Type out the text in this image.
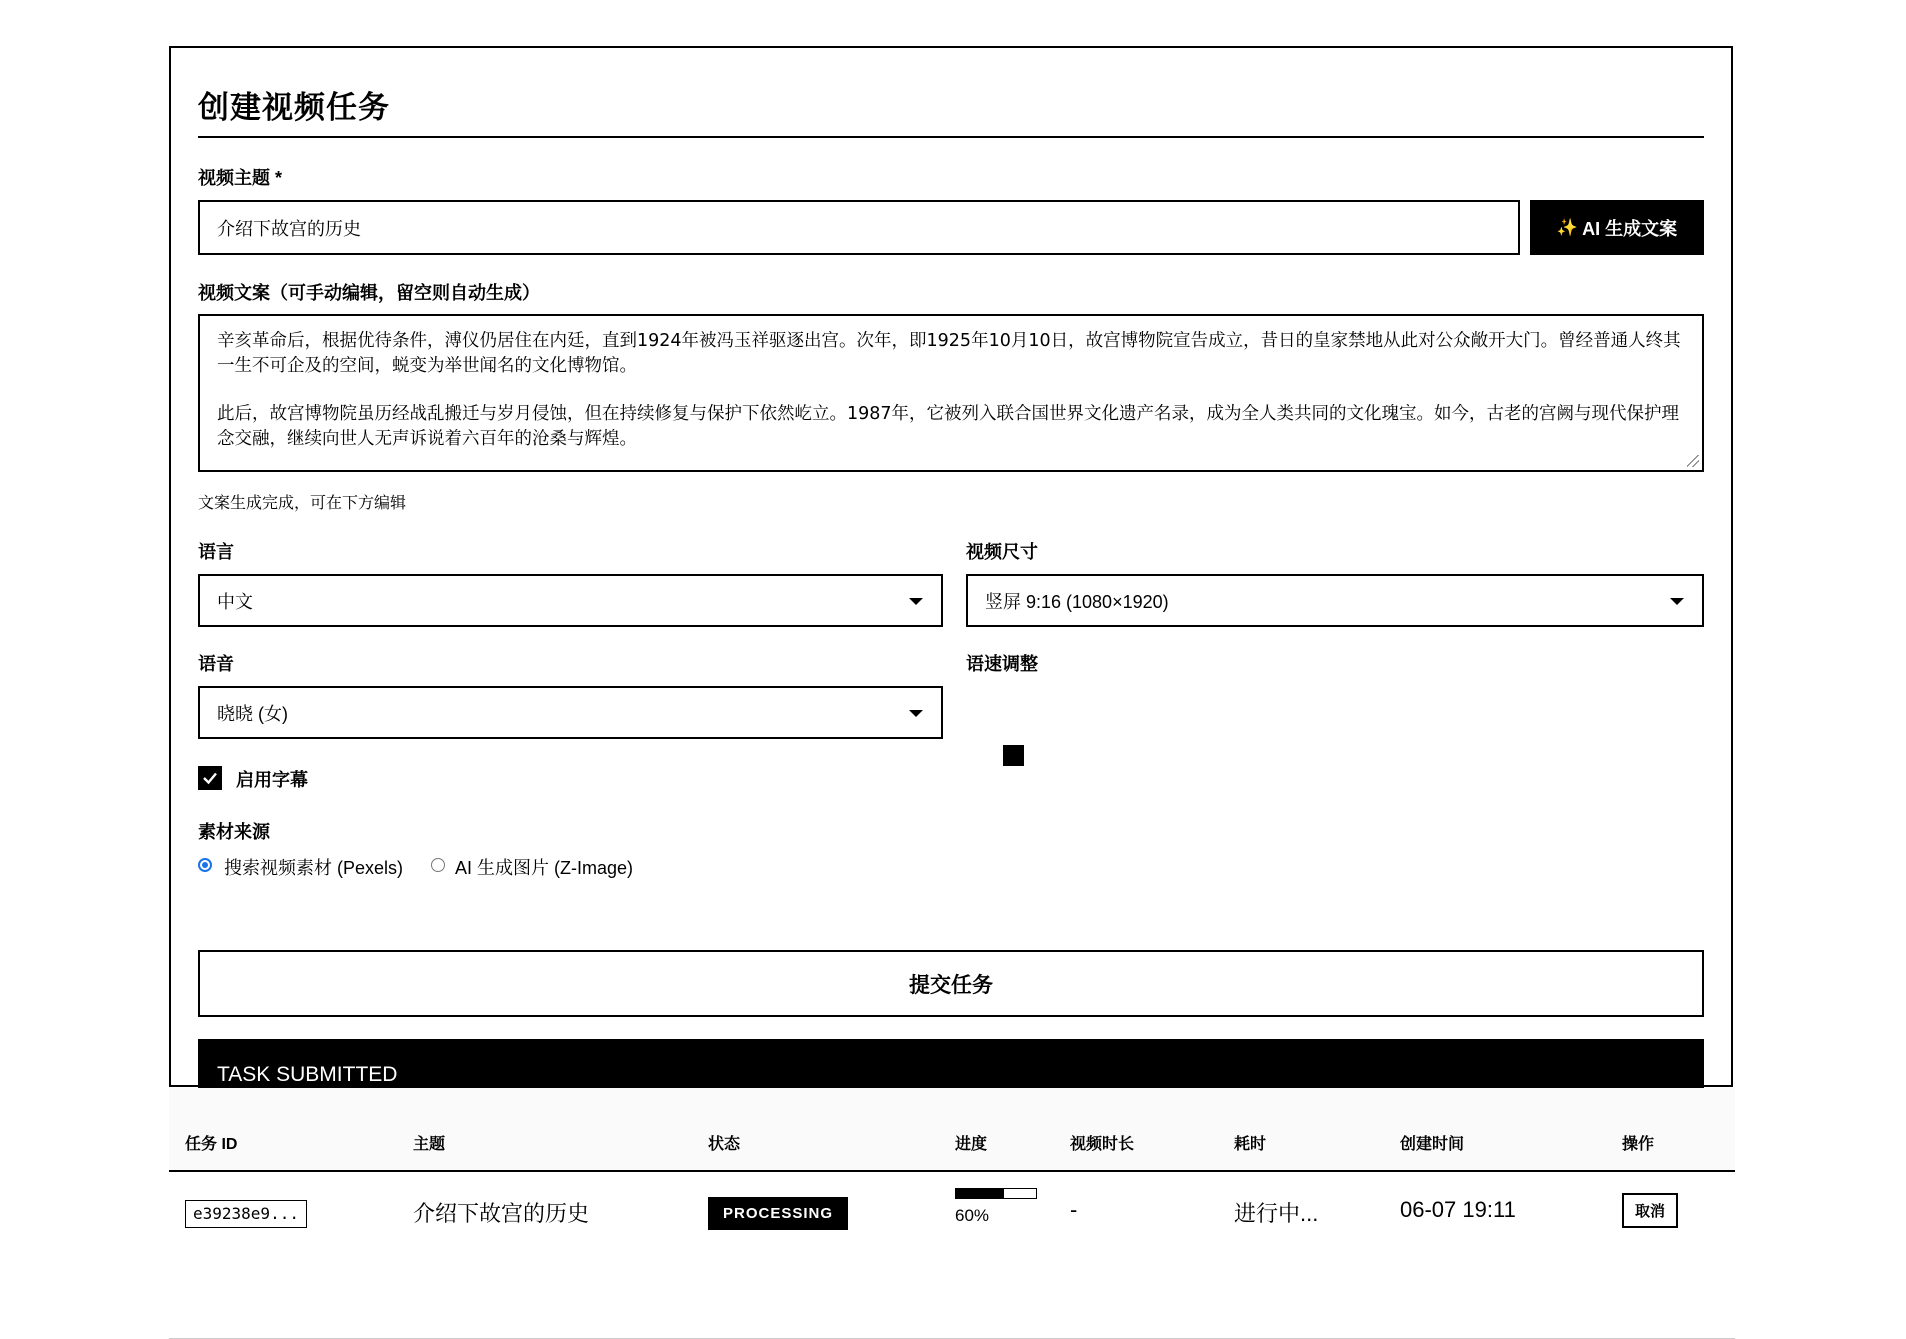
创建视频任务
视频主题 *
介绍下故宫的历史	✨ AI 生成文案
视频文案（可手动编辑，留空则自动生成）

辛亥革命后，根据优待条件，溥仪仍居住在内廷，直到1924年被冯玉祥驱逐出宫。次年，即1925年10月10日，故宫博物院宣告成立，昔日的皇家禁地从此对公众敞开大门。曾经普通人终其一生不可企及的空间，蜕变为举世闻名的文化博物馆。

此后，故宫博物院虽历经战乱搬迁与岁月侵蚀，但在持续修复与保护下依然屹立。1987年，它被列入联合国世界文化遗产名录，成为全人类共同的文化瑰宝。如今，古老的宫阙与现代保护理念交融，继续向世人无声诉说着六百年的沧桑与辉煌。

文案生成完成，可在下方编辑
语言
中文
视频尺寸
竖屏 9:16 (1080×1920)
语音
晓晓 (女)
语速调整
启用字幕
素材来源
搜索视频素材 (Pexels)	AI 生成图片 (Z-Image)
提交任务
TASK SUBMITTED
任务 ID	主题	状态	进度	视频时长	耗时	创建时间	操作
e39238e9...	介绍下故宫的历史	PROCESSING	60%	-	进行中...	06-07 19:11	取消
